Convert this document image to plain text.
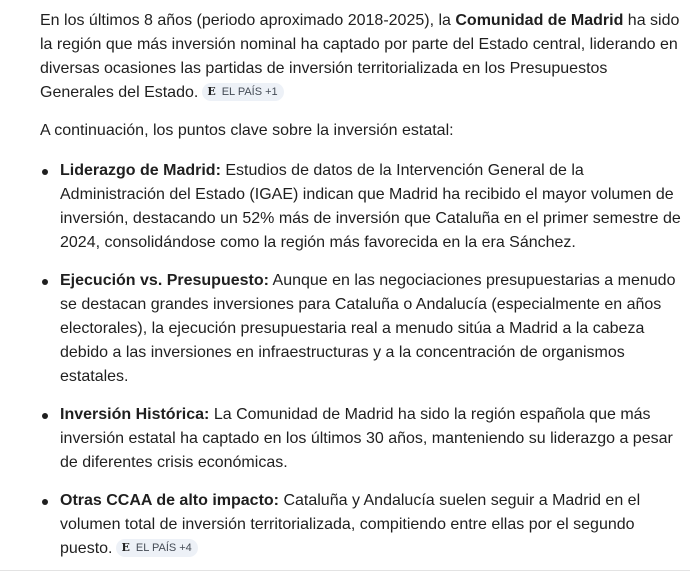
En los últimos 8 años (periodo aproximado 2018-2025), la Comunidad de Madrid ha sido la región que más inversión nominal ha captado por parte del Estado central, liderando en diversas ocasiones las partidas de inversión territorializada en los Presupuestos Generales del Estado. E EL PAÍS +1

A continuación, los puntos clave sobre la inversión estatal:

Liderazgo de Madrid: Estudios de datos de la Intervención General de la Administración del Estado (IGAE) indican que Madrid ha recibido el mayor volumen de inversión, destacando un 52% más de inversión que Cataluña en el primer semestre de 2024, consolidándose como la región más favorecida en la era Sánchez.
Ejecución vs. Presupuesto: Aunque en las negociaciones presupuestarias a menudo se destacan grandes inversiones para Cataluña o Andalucía (especialmente en años electorales), la ejecución presupuestaria real a menudo sitúa a Madrid a la cabeza debido a las inversiones en infraestructuras y a la concentración de organismos estatales.
Inversión Histórica: La Comunidad de Madrid ha sido la región española que más inversión estatal ha captado en los últimos 30 años, manteniendo su liderazgo a pesar de diferentes crisis económicas.
Otras CCAA de alto impacto: Cataluña y Andalucía suelen seguir a Madrid en el volumen total de inversión territorializada, compitiendo entre ellas por el segundo puesto. E EL PAÍS +4
